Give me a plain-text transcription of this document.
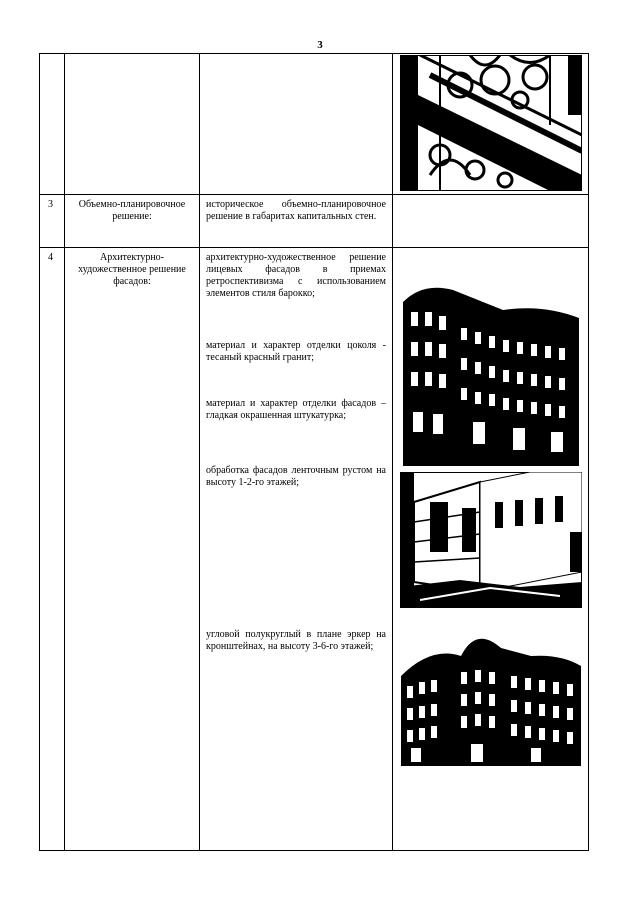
3

3	Объемно-планировочное решение:	историческое объемно-планировочное решение в габаритах капитальных стен.	

4	Архитектурно-художественное решение фасадов:	архитектурно-художественное решение лицевых фасадов в приемах ретроспективизма с использованием элементов стиля барокко;
материал и характер отделки цоколя - тесаный красный гранит;
материал и характер отделки фасадов – гладкая окрашенная штукатурка;
обработка фасадов ленточным рустом на высоту 1-2-го этажей;
угловой полукруглый в плане эркер на кронштейнах, на высоту 3-6-го этажей;
